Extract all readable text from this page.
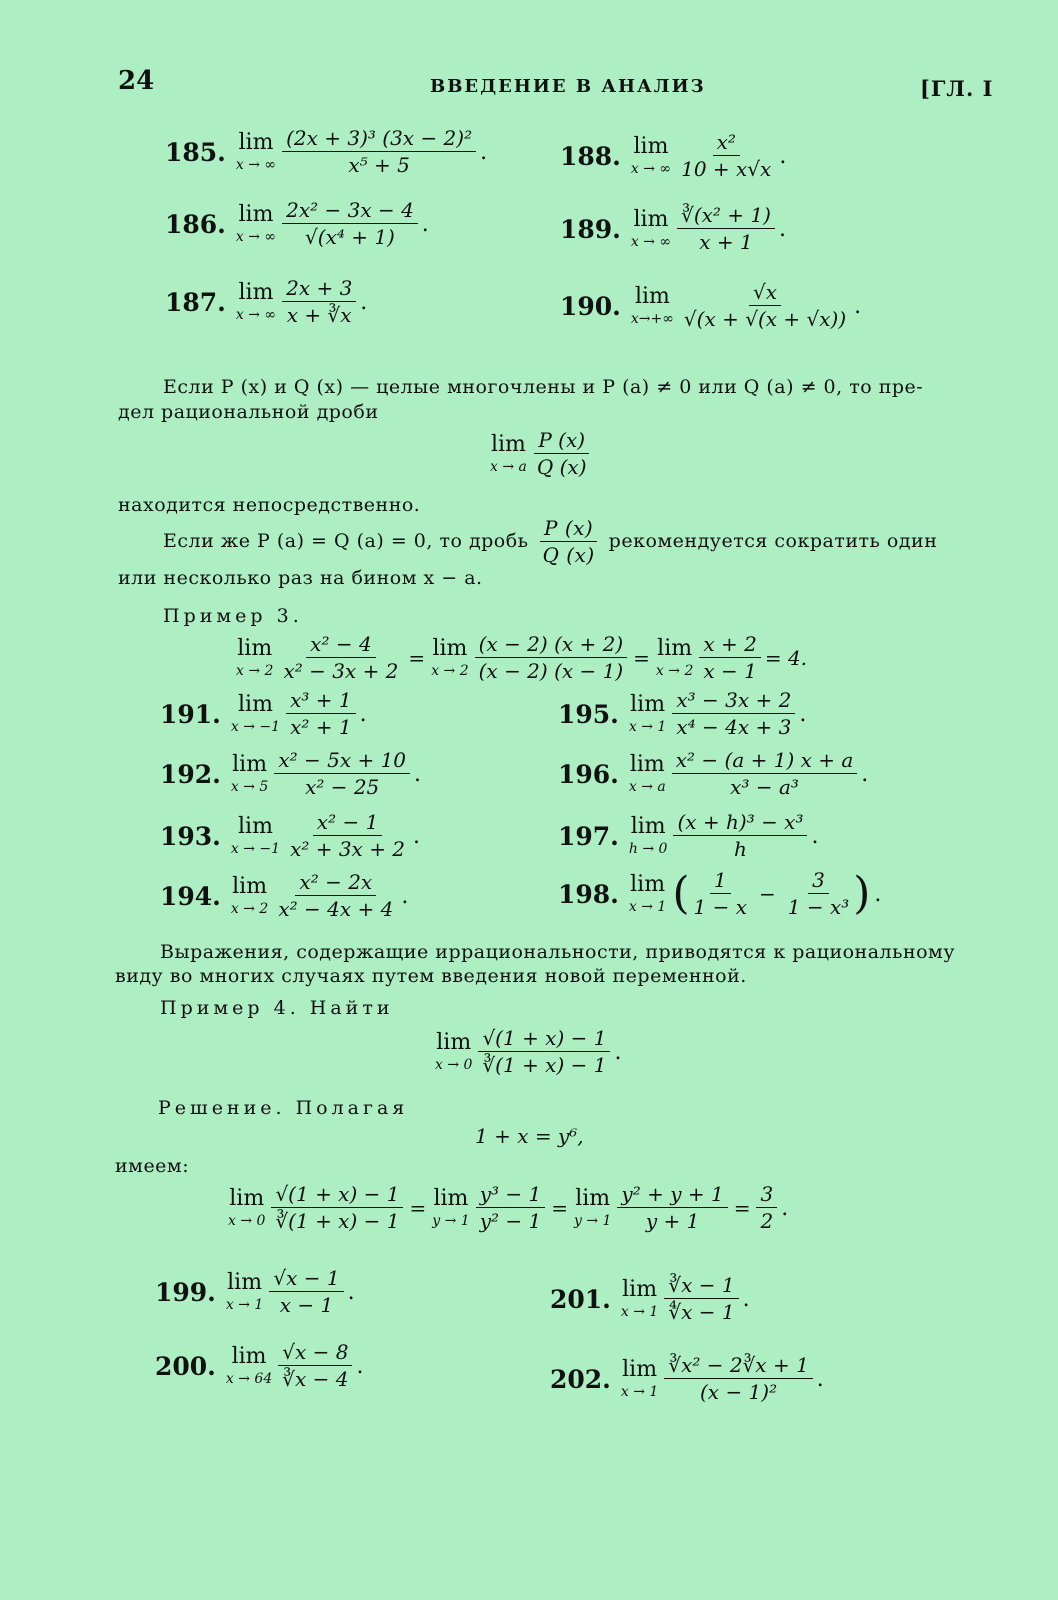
24	ВВЕДЕНИЕ В АНАЛИЗ	[ГЛ. I
185. lim
x → ∞ $\frac{\text{(2x + 3)³ (3x − 2)²}}{\text{x⁵ + 5}}$ .
186. lim
x → ∞ $\frac{\text{2x² − 3x − 4}}{\text{√(x⁴ + 1)}}$ .
187. lim
x → ∞ $\frac{2x + 3}{x + ∛x}$ .
188. lim
x → ∞ $\frac{\text{x²}}{10 + x√x}$ .
189. lim
x → ∞ $\frac{\text{∛(x² + 1)}}{x + 1}$ .
190. lim
$x\to+\infty \frac{√x}{√(x + √(x + √x))}$ .
Если P (x) и Q (x) — целые многочлены и P (a) ≠ 0 или Q (a) ≠ 0, то пре-
дел рациональной дроби
lim
x → a $\frac{P (x)}{Q (x)}$
находится непосредственно.
Если же P (a) = Q (a) = 0, то дробь $\frac{P (x)}{Q (x)}$ рекомендуется сократить один
или несколько раз на бином x − a.
Пример 3.
lim
$x \to 2 \frac{\text{x² − 4}}{\text{x² − 3x + 2}} = \lim$
$x \to 2 \frac{(x - 2) (x + 2)}{(x - 2) (x - 1)} = \lim$
$x \to 2 \frac{x + 2}{x - 1} = 4$.
191. lim
$x \to -1 \frac{\text{x³ + 1}}{\text{x² + 1}}$ .
192. lim
$x \to 5 \frac{\text{x² − 5x + 10}}{\text{x² − 25}}$ .
193. lim
$x \to -1 \frac{\text{x² − 1}}{\text{x² + 3x + 2}}$ .
194. lim
$x \to 2 \frac{\text{x² − 2x}}{\text{x² − 4x + 4}}$ .
195. lim
$x \to 1 \frac{\text{x³ − 3x + 2}}{\text{x⁴ − 4x + 3}}$ .
196. lim
x → a $\frac{\text{x² − (a + 1) x + a}}{\text{x³ − a³}}$ .
197. lim
$h \to 0 \frac{\text{(x + h)³ − x³}}{h}$ .
198. lim
x → 1 ( $\frac{1}{1 - x} - \frac{3}{\text{1 − x³}}$ ) .
Выражения, содержащие иррациональности, приводятся к рациональному
виду во многих случаях путем введения новой переменной.
Пример 4. Найти
lim
$x \to 0 \frac{√(1 + x) - 1}{∛(1 + x) - 1}$ .
Решение. Полагая
1 + x = y⁶,
имеем:
lim
$x \to 0 \frac{√(1 + x) - 1}{∛(1 + x) - 1} = \lim$
$y \to 1 \frac{\text{y³ − 1}}{\text{y² − 1}} = \lim$
$y \to 1 \frac{\text{y² + y + 1}}{y + 1} = \frac{3}{2}$ .
199. lim
$x \to 1 \frac{√x - 1}{x - 1}$ .
200. lim
$x \to 64 \frac{√x - 8}{∛x - 4}$ .
201. lim
$x \to 1 \frac{∛x - 1}{∜x - 1}$ .
202. lim
$x \to 1 \frac{\text{∛x² − 2∛x + 1}}{\text{(x − 1)²}}$ .
